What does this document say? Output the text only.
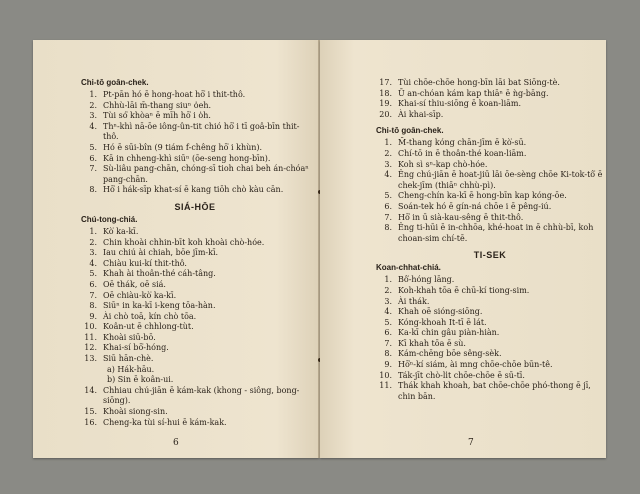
Chi-tō goân-chek.
1. Pt-pān hó ē hong-hoat hō͘ i thit-thô.
2. Chhù-lāi m̄-thang siuⁿ o̍eh.
3. Tùi só͘ khòaⁿ ē mīh hō͘ i o̍h.
4. Thⁿ-khì nā-ōe iông-ûn-tit chió hō͘ i tī goâ-bīn thit-thô.
5. Hó ē sūi-bîn (9 tiám f-chêng hō͘ i khùn).
6. Kā in chheng-khì siūⁿ (ōe-seng hong-bīn).
7. Sù-liâu pang-chān, chóng-sī tioh chai beh án-chóaⁿ pang-chān.
8. Hō͘ i hák-sīp khat-sí ē kang tiōh chò kàu cān.
SIÁ-HŌE
Chú-tong-chiá.
1. Kò͘ ka-kī.
2. Chin khoài chhin-bīt koh khoài chò-hóe.
3. Iau chiú ài chiah, bōe jīm-kī.
4. Chiàu kui-kí thit-thô.
5. Khah ài thoân-thé cáh-tâng.
6. Oē thák, oē siá.
7. Oē chiàu-kò͘ ka-kī.
8. Siūⁿ in ka-kī i-keng tōa-hàn.
9. Ài chò toā, kín chò tōa.
10. Koân-ut ē chhlong-tùt.
11. Khoài siū-bō.
12. Khai-sí bō͘-hóng.
13. Siū hān-chè.
a) Hák-hāu.
b) Sin ē koân-ui.
14. Chhiau chú-jiān ē kám-kak (khong - siông, bong-siōng).
15. Khoài siong-sin.
16. Cheng-ka tùi sí-hui ē kám-kak.
6
17. Tùi chōe-chōe hong-bīn lāi bat Siōng-tè.
18. Ū an-chóan kám kap thiāⁿ ē ǹg-bāng.
19. Khai-sí thiu-siōng ē koan-liām.
20. Ài khai-sīp.
Chi-tō goân-chek.
1. M̄-thang kóng chān-jīm ē kò͘-sū.
2. Chí-tō in ē thoân-thé koan-liām.
3. Koh sì sⁿ-kap chò-hóe.
4. Êng chú-jiān ē hoat-jiū lāi ōe-sèng chōe Ki-tok-tô͘ ē chek-jīm (thiāⁿ chhù-pì).
5. Cheng-chín ka-kī ē hong-bīn kap kóng-ōe.
6. Soán-tek hó ē gín-ná chōe i ē pêng-iú.
7. Hō͘ in ū sià-kau-sêng ē thit-thô.
8. Êng ti-hūi ē in-chhōa, khé-hoat in ē chhù-bī, koh choan-sim chí-tē.
TI-SEK
Koan-chhat-chiá.
1. Bô͘-hóng lāng.
2. Koh-khah tōa ē chū-kí tiong-sim.
3. Ài thák.
4. Khah oē sióng-siōng.
5. Kóng-khoah It-tī ē lát.
6. Ka-kī chin gâu piàn-hiàn.
7. Kī khah tōa ē sù.
8. Kám-chēng bōe sêng-sèk.
9. Hō͘ⁿ-kí siám, ài mng chōe-chōe būn-tê.
10. Ták-jīt chò-li̍t chōe-chōe ē sū-tī.
11. Thák khah khoah, bat chōe-chōe phó-thong ē jī, chin bān.
7
